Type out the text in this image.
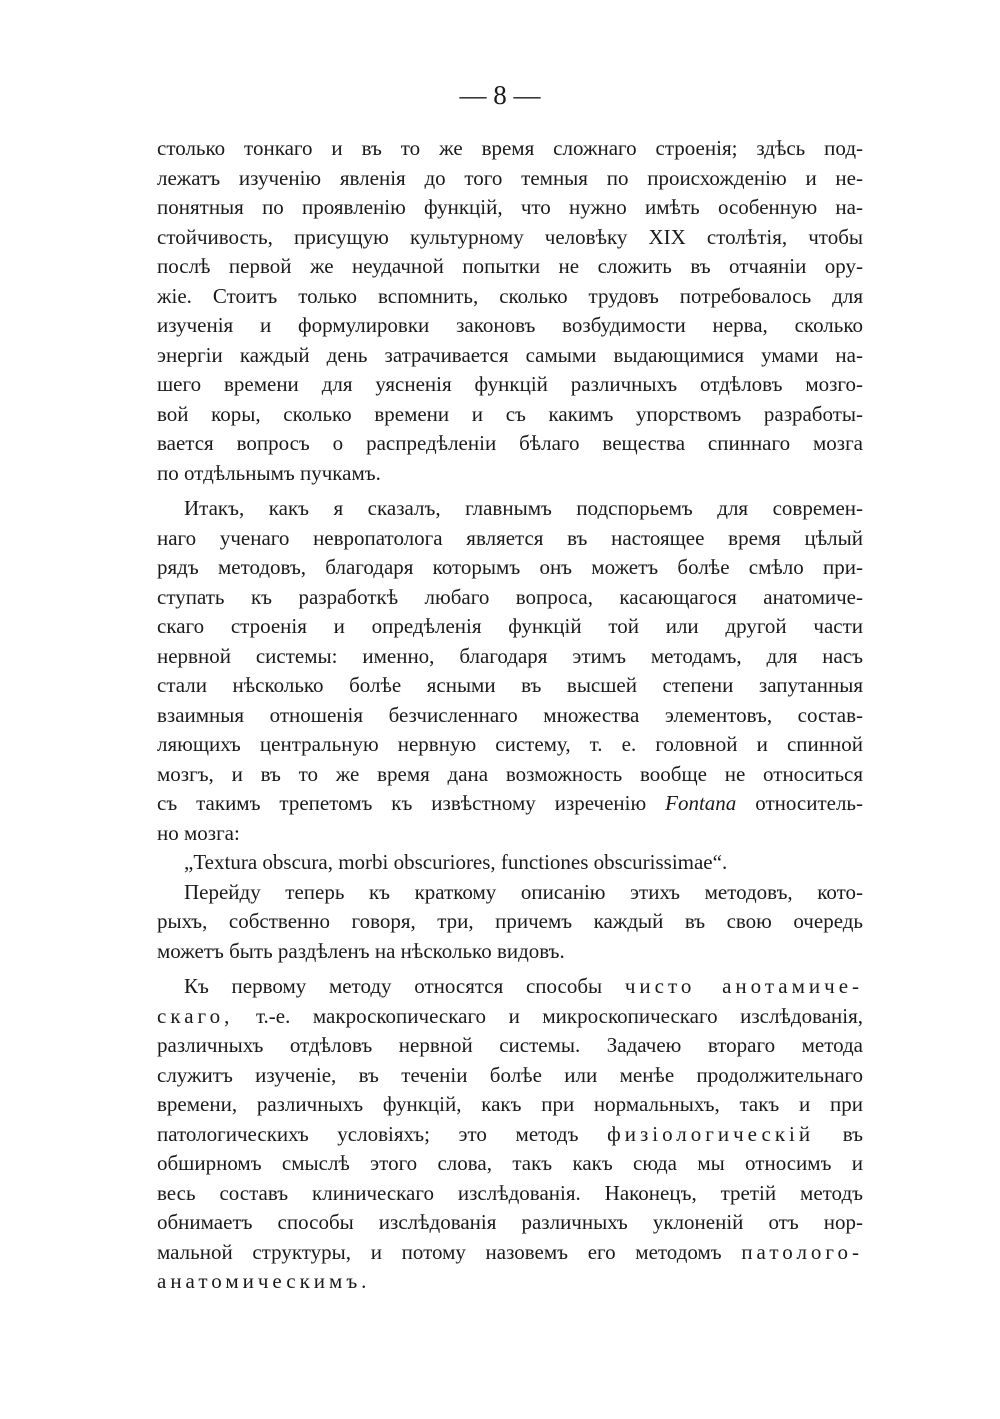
— 8 —
столько тонкаго и въ то же время сложнаго строенія; здѣсь под-
лежатъ изученію явленія до того темныя по происхожденію и не-
понятныя по проявленію функцій, что нужно имѣть особенную на-
стойчивость, присущую культурному человѣку XIX столѣтія, чтобы
послѣ первой же неудачной попытки не сложить въ отчаяніи ору-
жіе. Стоитъ только вспомнить, сколько трудовъ потребовалось для
изученія и формулировки законовъ возбудимости нерва, сколько
энергіи каждый день затрачивается самыми выдающимися умами на-
шего времени для уясненія функцій различныхъ отдѣловъ мозго-
вой коры, сколько времени и съ какимъ упорствомъ разработы-
вается вопросъ о распредѣленіи бѣлаго вещества спиннаго мозга
по отдѣльнымъ пучкамъ.
Итакъ, какъ я сказалъ, главнымъ подспорьемъ для современ-
наго ученаго невропатолога является въ настоящее время цѣлый
рядъ методовъ, благодаря которымъ онъ можетъ болѣе смѣло при-
ступать къ разработкѣ любаго вопроса, касающагося анатомиче-
скаго строенія и опредѣленія функцій той или другой части
нервной системы: именно, благодаря этимъ методамъ, для насъ
стали нѣсколько болѣе ясными въ высшей степени запутанныя
взаимныя отношенія безчисленнаго множества элементовъ, состав-
ляющихъ центральную нервную систему, т. е. головной и спинной
мозгъ, и въ то же время дана возможность вообще не относиться
съ такимъ трепетомъ къ извѣстному изреченію Fontana относитель-
но мозга:
„Textura obscura, morbi obscuriores, functiones obscurissimae“.
Перейду теперь къ краткому описанію этихъ методовъ, кото-
рыхъ, собственно говоря, три, причемъ каждый въ свою очередь
можетъ быть раздѣленъ на нѣсколько видовъ.
Къ первому методу относятся способы чисто анотамиче-
скаго, т.-е. макроскопическаго и микроскопическаго изслѣдованія,
различныхъ отдѣловъ нервной системы. Задачею втораго метода
служитъ изученіе, въ теченіи болѣе или менѣе продолжительнаго
времени, различныхъ функцій, какъ при нормальныхъ, такъ и при
патологическихъ условіяхъ; это методъ физіологическій въ
обширномъ смыслѣ этого слова, такъ какъ сюда мы относимъ и
весь составъ клиническаго изслѣдованія. Наконецъ, третій методъ
обнимаетъ способы изслѣдованія различныхъ уклоненій отъ нор-
мальной структуры, и потому назовемъ его методомъ патолого-
анатомическимъ.
